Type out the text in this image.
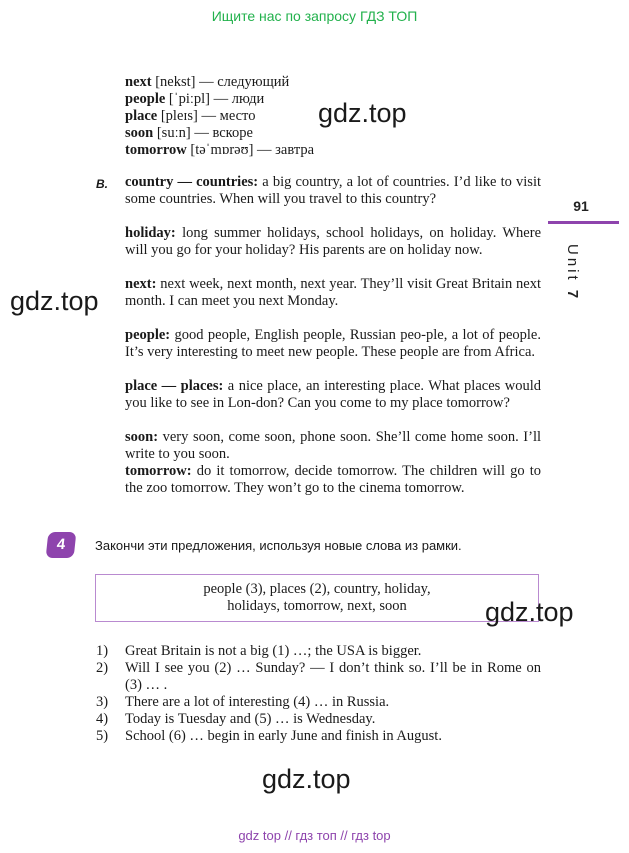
Ищите нас по запросу ГДЗ ТОП
next [nekst] — следующий
people [ˈpiːpl] — люди
place [pleɪs] — место
soon [suːn] — вскоре
tomorrow [təˈmɒrəʊ] — завтра
gdz.top
B. country — countries: a big country, a lot of countries. I’d like to visit some countries. When will you travel to this country?
holiday: long summer holidays, school holidays, on holiday. Where will you go for your holiday? His parents are on holiday now.
next: next week, next month, next year. They’ll visit Great Britain next month. I can meet you next Monday.
people: good people, English people, Russian peo-ple, a lot of people. It’s very interesting to meet new people. These people are from Africa.
place — places: a nice place, an interesting place. What places would you like to see in Lon-don? Can you come to my place tomorrow?
soon: very soon, come soon, phone soon. She’ll come home soon. I’ll write to you soon.
tomorrow: do it tomorrow, decide tomorrow. The children will go to the zoo tomorrow. They won’t go to the cinema tomorrow.
gdz.top
91
Unit 7
4	Закончи эти предложения, используя новые слова из рамки.
people (3), places (2), country, holiday,
holidays, tomorrow, next, soon	gdz.top
1)	Great Britain is not a big (1) …; the USA is bigger.
2)	Will I see you (2) … Sunday? — I don’t think so. I’ll be in Rome on (3) … .
3)	There are a lot of interesting (4) … in Russia.
4)	Today is Tuesday and (5) … is Wednesday.
5)	School (6) … begin in early June and finish in August.
gdz.top
gdz top // гдз топ // гдз top
